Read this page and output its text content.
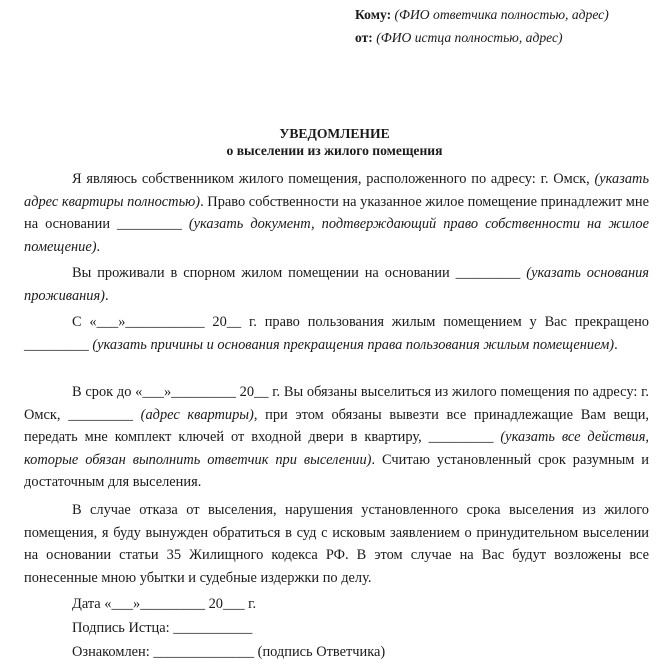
Кому: (ФИО ответчика полностью, адрес)
от: (ФИО истца полностью, адрес)
УВЕДОМЛЕНИЕ
о выселении из жилого помещения

Я являюсь собственником жилого помещения, расположенного по адресу: г. Омск, (указать адрес квартиры полностью). Право собственности на указанное жилое помещение принадлежит мне на основании _________ (указать документ, подтверждающий право собственности на жилое помещение).

Вы проживали в спорном жилом помещении на основании _________ (указать основания проживания).

С «___»___________ 20__ г. право пользования жилым помещением у Вас прекращено _________ (указать причины и основания прекращения права пользования жилым помещением).

В срок до «___»_________ 20__ г. Вы обязаны выселиться из жилого помещения по адресу: г. Омск, _________ (адрес квартиры), при этом обязаны вывезти все принадлежащие Вам вещи, передать мне комплект ключей от входной двери в квартиру, _________ (указать все действия, которые обязан выполнить ответчик при выселении). Считаю установленный срок разумным и достаточным для выселения.

В случае отказа от выселения, нарушения установленного срока выселения из жилого помещения, я буду вынужден обратиться в суд с исковым заявлением о принудительном выселении на основании статьи 35 Жилищного кодекса РФ. В этом случае на Вас будут возложены все понесенные мною убытки и судебные издержки по делу.

Дата «___»_________ 20___ г.
Подпись Истца: ___________
Ознакомлен: ______________ (подпись Ответчика)
